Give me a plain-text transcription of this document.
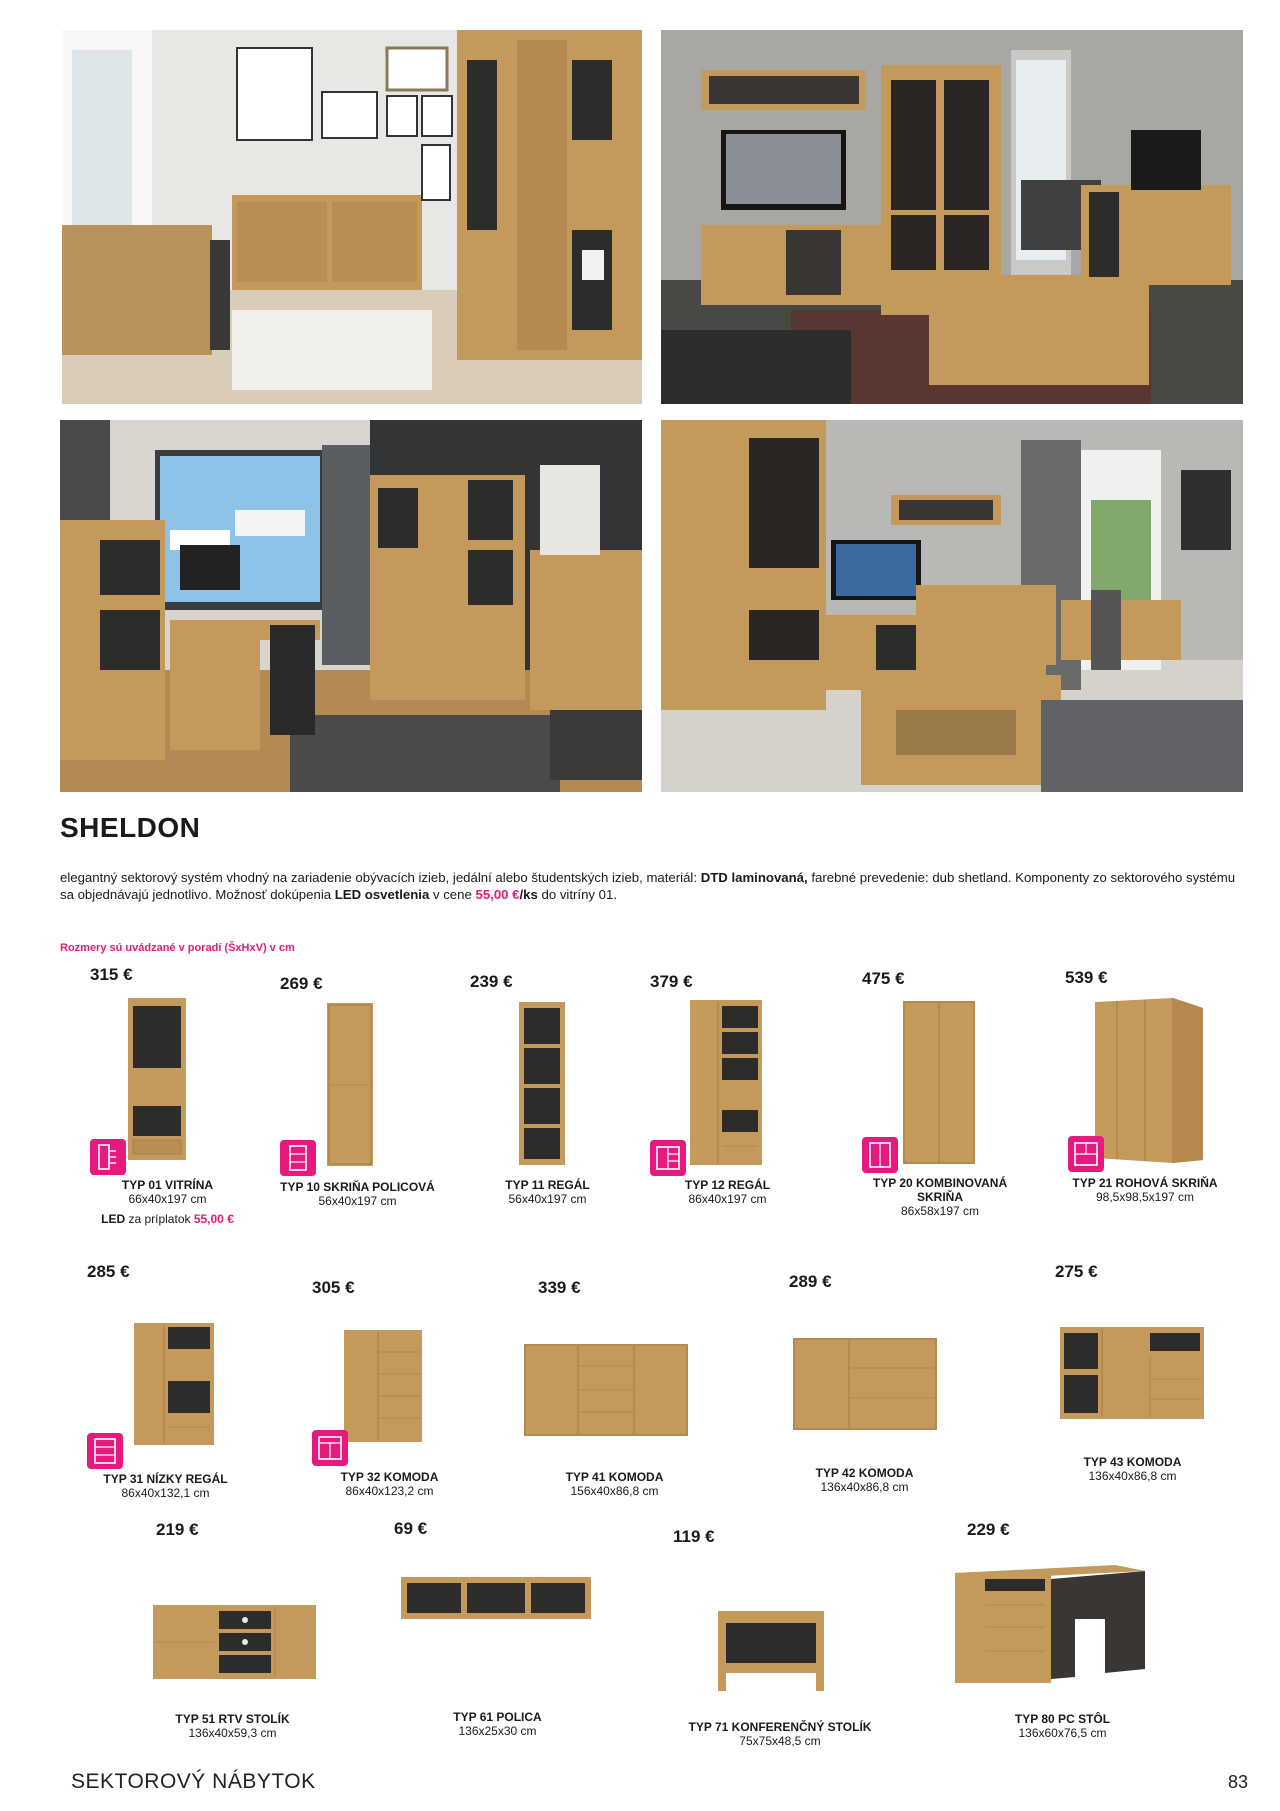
SHELDON
elegantný sektorový systém vhodný na zariadenie obývacích izieb, jedální alebo študentských izieb, materiál: DTD laminovaná, farebné prevedenie: dub shetland. Komponenty zo sektorového systému sa objednávajú jednotlivo. Možnosť dokúpenia LED osvetlenia v cene 55,00 €/ks do vitríny 01.
Rozmery sú uvádzané v poradí (ŠxHxV) v cm
315 €
TYP 01 VITRÍNA
66x40x197 cm
LED za príplatok 55,00 €
269 €
TYP 10 SKRIŇA POLICOVÁ
56x40x197 cm
239 €
TYP 11 REGÁL
56x40x197 cm
379 €
TYP 12 REGÁL
86x40x197 cm
475 €
TYP 20 KOMBINOVANÁ SKRIŇA
86x58x197 cm
539 €
TYP 21 ROHOVÁ SKRIŇA
98,5x98,5x197 cm
285 €
TYP 31 NÍZKY REGÁL
86x40x132,1 cm
305 €
TYP 32 KOMODA
86x40x123,2 cm
339 €
TYP 41 KOMODA
156x40x86,8 cm
289 €
TYP 42 KOMODA
136x40x86,8 cm
275 €
TYP 43 KOMODA
136x40x86,8 cm
219 €
TYP 51 RTV STOLÍK
136x40x59,3 cm
69 €
TYP 61 POLICA
136x25x30 cm
119 €
TYP 71 KONFERENČNÝ STOLÍK
75x75x48,5 cm
229 €
TYP 80 PC STÔL
136x60x76,5 cm
SEKTOROVÝ NÁBYTOK	83
